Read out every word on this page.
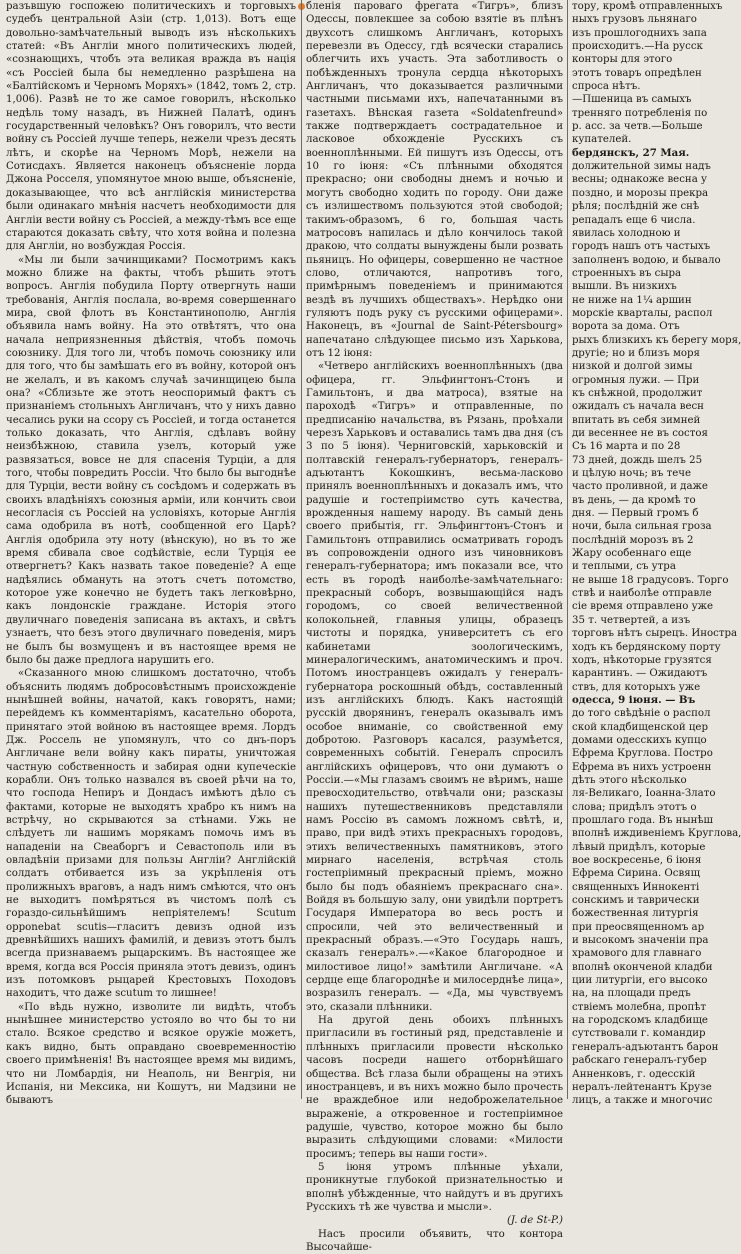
разъвшую госпожею политическихъ и торговыхъ судебъ центральной Азіи (стр. 1,013). Вотъ еще довольно-замѣчательный выводъ изъ нѣсколькихъ статей: «Въ Англіи много политическихъ людей, «сознающихъ, чтобъ эта великая вражда въ нація «съ Россіей была бы немедленно разрѣшена на «Балтійскомъ и Черномъ Моряхъ» (1842, томъ 2, стр. 1,006). Развѣ не то же самое говорилъ, нѣсколько недѣль тому назадъ, въ Нижней Палатѣ, одинъ государственный человѣкъ? Онъ говорилъ, что вести войну съ Россіей лучше теперь, нежели чрезъ десять лѣтъ, и скорѣе на Черномъ Морѣ, нежели на Сотисдахъ. Является наконецъ объясненіе лорда Джона Росселя, упомянутое мною выше, объясненіе, доказывающее, что всѣ англійскія министерства были одинакаго мнѣнія насчетъ необходимости для Англіи вести войну съ Россіей, а между-тѣмъ все еще стараются доказать свѣту, что хотя война и полезна для Англіи, но возбуждая Россія.

«Мы ли были зачинщиками? Посмотримъ какъ можно ближе на факты, чтобъ рѣшить этотъ вопросъ. Англія побудила Порту отвергнуть наши требованія, Англія послала, во-время совершеннаго мира, свой флотъ въ Константинополю, Англія объявила намъ войну. На это отвѣтятъ, что она начала неприязненныя дѣйствія, чтобъ помочь союзнику. Для того ли, чтобъ помочь союзнику или для того, что бы замѣшать его въ войну, которой онъ не желалъ, и въ какомъ случаѣ зачинщицею была она? «Сблизьте же этотъ неоспоримый фактъ съ признаніемъ стольныхъ Англичанъ, что у нихъ давно чесались руки на ссору съ Россіей, и тогда останется только доказать, что Англія, сдѣлавъ войну неизбѣжною, ставила узелъ, который уже развязаться, вовсе не для спасенія Турціи, а для того, чтобы повредить Россіи. Что было бы выгоднѣе для Турціи, вести войну съ сосѣдомъ и содержать въ своихъ владѣніяхъ союзныя арміи, или кончить свои несогласія съ Россіей на условіяхъ, которые Англія сама одобрила въ нотѣ, сообщенной его Царѣ? Англія одобрила эту ноту (вѣнскую), но въ то же время сбивала свое содѣйствіе, если Турція ее отвергнетъ? Какъ назвать такое поведеніе? А еще надѣялись обмануть на этотъ счетъ потомство, которое уже конечно не будетъ такъ легковѣрно, какъ лондонскіе граждане. Исторія этого двуличнаго поведенія записана въ актахъ, и свѣтъ узнаетъ, что безъ этого двуличнаго поведенія, миръ не былъ бы возмущенъ и въ настоящее время не было бы даже предлога нарушить его.

«Сказанного мною слишкомъ достаточно, чтобъ объяснить людямъ добросовѣстнымъ происхожденіе нынѣшней войны, начатой, какъ говорятъ, нами; перейдемъ къ комментаріямъ, касательно оборота, принятаго этой войною въ настоящее время. Лордъ Дж. Россель не упомянулъ, что со днъ-поръ Англичане вели войну какъ пираты, уничтожая частную собственность и забирая одни купеческіе корабли. Онъ только назвался въ своей рѣчи на то, что господа Непиръ и Дондасъ имѣютъ дѣло съ фактами, которые не выходятъ храбро къ нимъ на встрѣчу, но скрываются за стѣнами. Ужь не слѣдуетъ ли нашимъ морякамъ помочь имъ въ нападеніи на Свеаборгъ и Севастополь или въ овладѣніи призами для пользы Англіи? Англійскій солдатъ отбивается изъ за укрѣпленія отъ пролижныхъ враговъ, а надъ нимъ смѣются, что онъ не выходитъ помѣряться въ чистомъ полѣ съ гораздо-сильнѣйшимъ непріятелемъ! Scutum opponebat scutis—гласитъ девизъ одной изъ древнѣйшихъ нашихъ фамилій, и девизъ этотъ былъ всегда признаваемъ рыцарскимъ. Въ настоящее же время, когда вся Россія приняла этотъ девизъ, одинъ изъ потомковъ рыцарей Крестовыхъ Походовъ находитъ, что даже scutum то лишнее!

«По вѣдь нужно, изволите ли видѣть, чтобъ нынѣшнее министерство устояло во что бы то ни стало. Всякое средство и всякое оружіе можетъ, какъ видно, быть оправдано своевременностію своего примѣненія! Въ настоящее время мы видимъ, что ни Ломбардія, ни Неаполь, ни Венгрія, ни Испанія, ни Мексика, ни Кошутъ, ни Мадзини не бываютъ

бленія пароваго фрегата «Тигръ», близъ Одессы, повлекшее за собою взятіе въ плѣнъ двухсотъ слишкомъ Англичанъ, которыхъ перевезли въ Одессу, гдѣ всячески старались облегчить ихъ участь. Эта заботливость о побѣжденныхъ тронула сердца нѣкоторыхъ Англичанъ, что доказывается различными частными письмами ихъ, напечатанными въ газетахъ. Вѣнская газета «Soldatenfreund» также подтверждаетъ сострадательное и ласковое обхожденіе Русскихъ съ военноплѣнными. Ей пишутъ изъ Одессы, отъ 10 го іюня: «Съ плѣнными обходятся прекрасно; они свободны днемъ и ночью и могутъ свободно ходить по городу. Они даже съ излишествомъ пользуются этой свободой; такимъ-образомъ, 6 го, большая часть матросовъ напилась и дѣло кончилось такой дракою, что солдаты вынуждены были розвать пьяницъ. Но офицеры, совершенно не частное слово, отличаются, напротивъ того, примѣрнымъ поведеніемъ и принимаются вездѣ въ лучшихъ обществахъ». Нерѣдко они гуляютъ подъ руку съ русскими офицерами». Наконецъ, въ «Journal de Saint-Pétersbourg» напечатано слѣдующее письмо изъ Харькова, отъ 12 іюня:

«Четверо англійскихъ военноплѣнныхъ (два офицера, гг. Эльфингтонъ-Стонъ и Гамильтонъ, и два матроса), взятые на пароходѣ «Тигръ» и отправленные, по предписанію начальства, въ Рязань, проѣхали черезъ Харьковъ и оставались тамъ два дня (съ 3 по 5 іюня). Черниговскій, харьковскій и полтавскій генералъ-губернаторъ, генералъ-адъютантъ Кокошкинъ, весьма-ласково принялъ военноплѣнныхъ и доказалъ имъ, что радушіе и гостепріимство суть качества, врожденныя нашему народу. Въ самый день своего прибытія, гг. Эльфингтонъ-Стонъ и Гамильтонъ отправились осматривать городъ въ сопровожденіи одного изъ чиновниковъ генералъ-губернатора; имъ показали все, что есть въ городѣ наиболѣе-замѣчательнаго: прекрасный соборъ, возвышающійся надъ городомъ, со своей величественной колокольней, главныя улицы, образецъ чистоты и порядка, университетъ съ его кабинетами зоологическимъ, минералогическимъ, анатомическимъ и проч. Потомъ иностранцевъ ожидалъ у генералъ-губернатора роскошный обѣдъ, составленный изъ англійскихъ блюдъ. Какъ настоящій русскій дворянинъ, генералъ оказывалъ имъ особое вниманіе, со свойственной ему добротою. Разговоръ касался, разумѣется, современныхъ событій. Генералъ спросилъ англійскихъ офицеровъ, что они думаютъ о Россіи.—«Мы глазамъ своимъ не вѣримъ, наше превосходительство, отвѣчали они; разсказы нашихъ путешественниковъ представляли намъ Россію въ самомъ ложномъ свѣтѣ, и, право, при видѣ этихъ прекрасныхъ городовъ, этихъ величественныхъ памятниковъ, этого мирнаго населенія, встрѣчая столь гостепріимный прекрасный пріемъ, можно было бы подъ обаяніемъ прекраснаго сна». Войдя въ большую залу, они увидѣли портретъ Государя Императора во весь ростъ и спросили, чей это величественный и прекрасный образъ.—«Это Государь нашъ, сказалъ генералъ».—«Какое благородное и милостивое лицо!» замѣтили Англичане. «А сердце еще благороднѣе и милосерднѣе лица», возразилъ генералъ. — «Да, мы чувствуемъ это, сказали плѣнники.

На другой день обоихъ плѣнныхъ пригласили въ гостиный ряд, представленіе и плѣнныхъ пригласили провести нѣсколько часовъ посреди нашего отборнѣйшаго общества. Всѣ глаза были обращены на этихъ иностранцевъ, и въ нихъ можно было прочесть не враждебное или недоброжелательное выраженіе, а откровенное и гостепріимное радушіе, чувство, которое можно бы было выразить слѣдующими словами: «Милости просимъ; теперь вы наши гости».

5 іюня утромъ плѣнные уѣхали, проникнутые глубокой признательностью и вполнѣ убѣжденные, что найдутъ и въ другихъ Русскихъ тѣ же чувства и мысли».

(J. de St-P.)

Насъ просили объявить, что контора Высочайше-

тору, кромѣ отправленныхъ

ныхъ грузовъ льнянаго

изъ прошлогоднихъ запа

происходитъ.—На русск

конторы для этого

этотъ товаръ опредѣлен

спроса нѣтъ.

—Пшеница въ самыхъ

тренняго потребленія по

р. асс. за четв.—Больше

купателей.

бердянскъ, 27 Мая.

должительной зимы надъ

весны; однакоже весна у

поздно, и морозы прекра

рѣля; послѣдній же снѣ

репадалъ еще 6 числа.

явилась холодною и

городъ нашъ отъ частыхъ

заполненъ водою, и бывало

строенныхъ въ сыра

вышли. Въ низкихъ

не ниже на 1¼ аршин

морскіе кварталы, распол

ворота за дома. Отъ

рыхъ близкихъ къ берегу моря,

другіе; но и близъ моря

низкой и долгой зимы

огромныя лужи. — При

къ снѣжной, продолжит

ожидалъ съ начала весн

впитать въ себя зимней

ди весеннее не въ состоя

Съ 16 марта и по 28

73 дней, дождь шелъ 25

и цѣлую ночь; въ тече

часто проливной, и даже

въ день, — да кромѣ то

дня. — Первый громъ б

ночи, была сильная гроза

послѣдній морозъ въ 2

Жару особеннаго еще

и теплыми, съ утра

не выше 18 градусовъ. Торго

ствѣ и наиболѣе отправле

сіе время отправлено уже

35 т. четвертей, а изъ

торговъ нѣтъ сырецъ. Иностра

ходъ къ бердянскому порту

ходъ, нѣкоторые грузятся

карантинъ. — Ожидаютъ

ствъ, для которыхъ уже

одесса, 9 іюня. — Въ

до того свѣдѣніе о распол

ской кладбищенской цер

домами одесскихъ купцо

Ефрема Круглова. Постро

Ефрема въ нихъ устроенн

дѣть этого нѣсколько

ля-Великаго, Іоанна-Злато

слова; придѣлъ этотъ о

прошлаго года. Въ нынѣш

вполнѣ иждивеніемъ Круглова,

лѣвый придѣлъ, которые

вое воскресенье, 6 іюня

Ефрема Сирина. Освящ

священныхъ Иннокенті

сонскимъ и таврически

божественная литургія

при преосвященномъ ар

и высокомъ значеніи пра

храмового для главнаго

вполнѣ оконченой кладби

ции литургіи, его высоко

на, на площади предъ

ствіемъ молебна, пропѣт

на городскомъ кладбище

сутствовали г. командир

генералъ-адъютантъ барон

рабскаго генералъ-губер

Анненковъ, г. одесскій

нералъ-лейтенантъ Крузе

лицъ, а также и многочис
